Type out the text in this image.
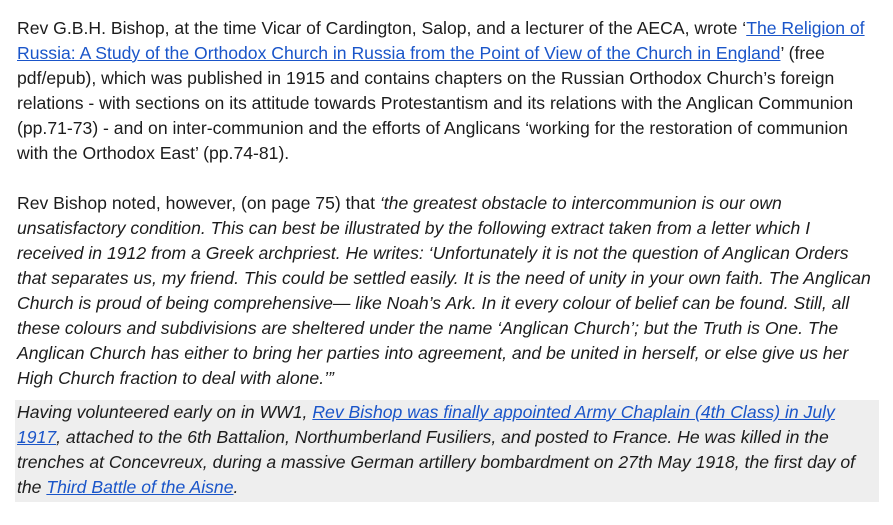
Rev G.B.H. Bishop, at the time Vicar of Cardington, Salop, and a lecturer of the AECA, wrote ‘The Religion of Russia: A Study of the Orthodox Church in Russia from the Point of View of the Church in England’ (free pdf/epub), which was published in 1915 and contains chapters on the Russian Orthodox Church’s foreign relations - with sections on its attitude towards Protestantism and its relations with the Anglican Communion (pp.71-73) - and on inter-communion and the efforts of Anglicans ‘working for the restoration of communion with the Orthodox East’ (pp.74-81).

Rev Bishop noted, however, (on page 75) that ‘the greatest obstacle to intercommunion is our own unsatisfactory condition. This can best be illustrated by the following extract taken from a letter which I received in 1912 from a Greek archpriest. He writes: ‘Unfortunately it is not the question of Anglican Orders that separates us, my friend. This could be settled easily. It is the need of unity in your own faith. The Anglican Church is proud of being comprehensive— like Noah’s Ark. In it every colour of belief can be found. Still, all these colours and subdivisions are sheltered under the name ‘Anglican Church’; but the Truth is One. The Anglican Church has either to bring her parties into agreement, and be united in herself, or else give us her High Church fraction to deal with alone.’”

Having volunteered early on in WW1, Rev Bishop was finally appointed Army Chaplain (4th Class) in July 1917, attached to the 6th Battalion, Northumberland Fusiliers, and posted to France. He was killed in the trenches at Concevreux, during a massive German artillery bombardment on 27th May 1918, the first day of the Third Battle of the Aisne.
